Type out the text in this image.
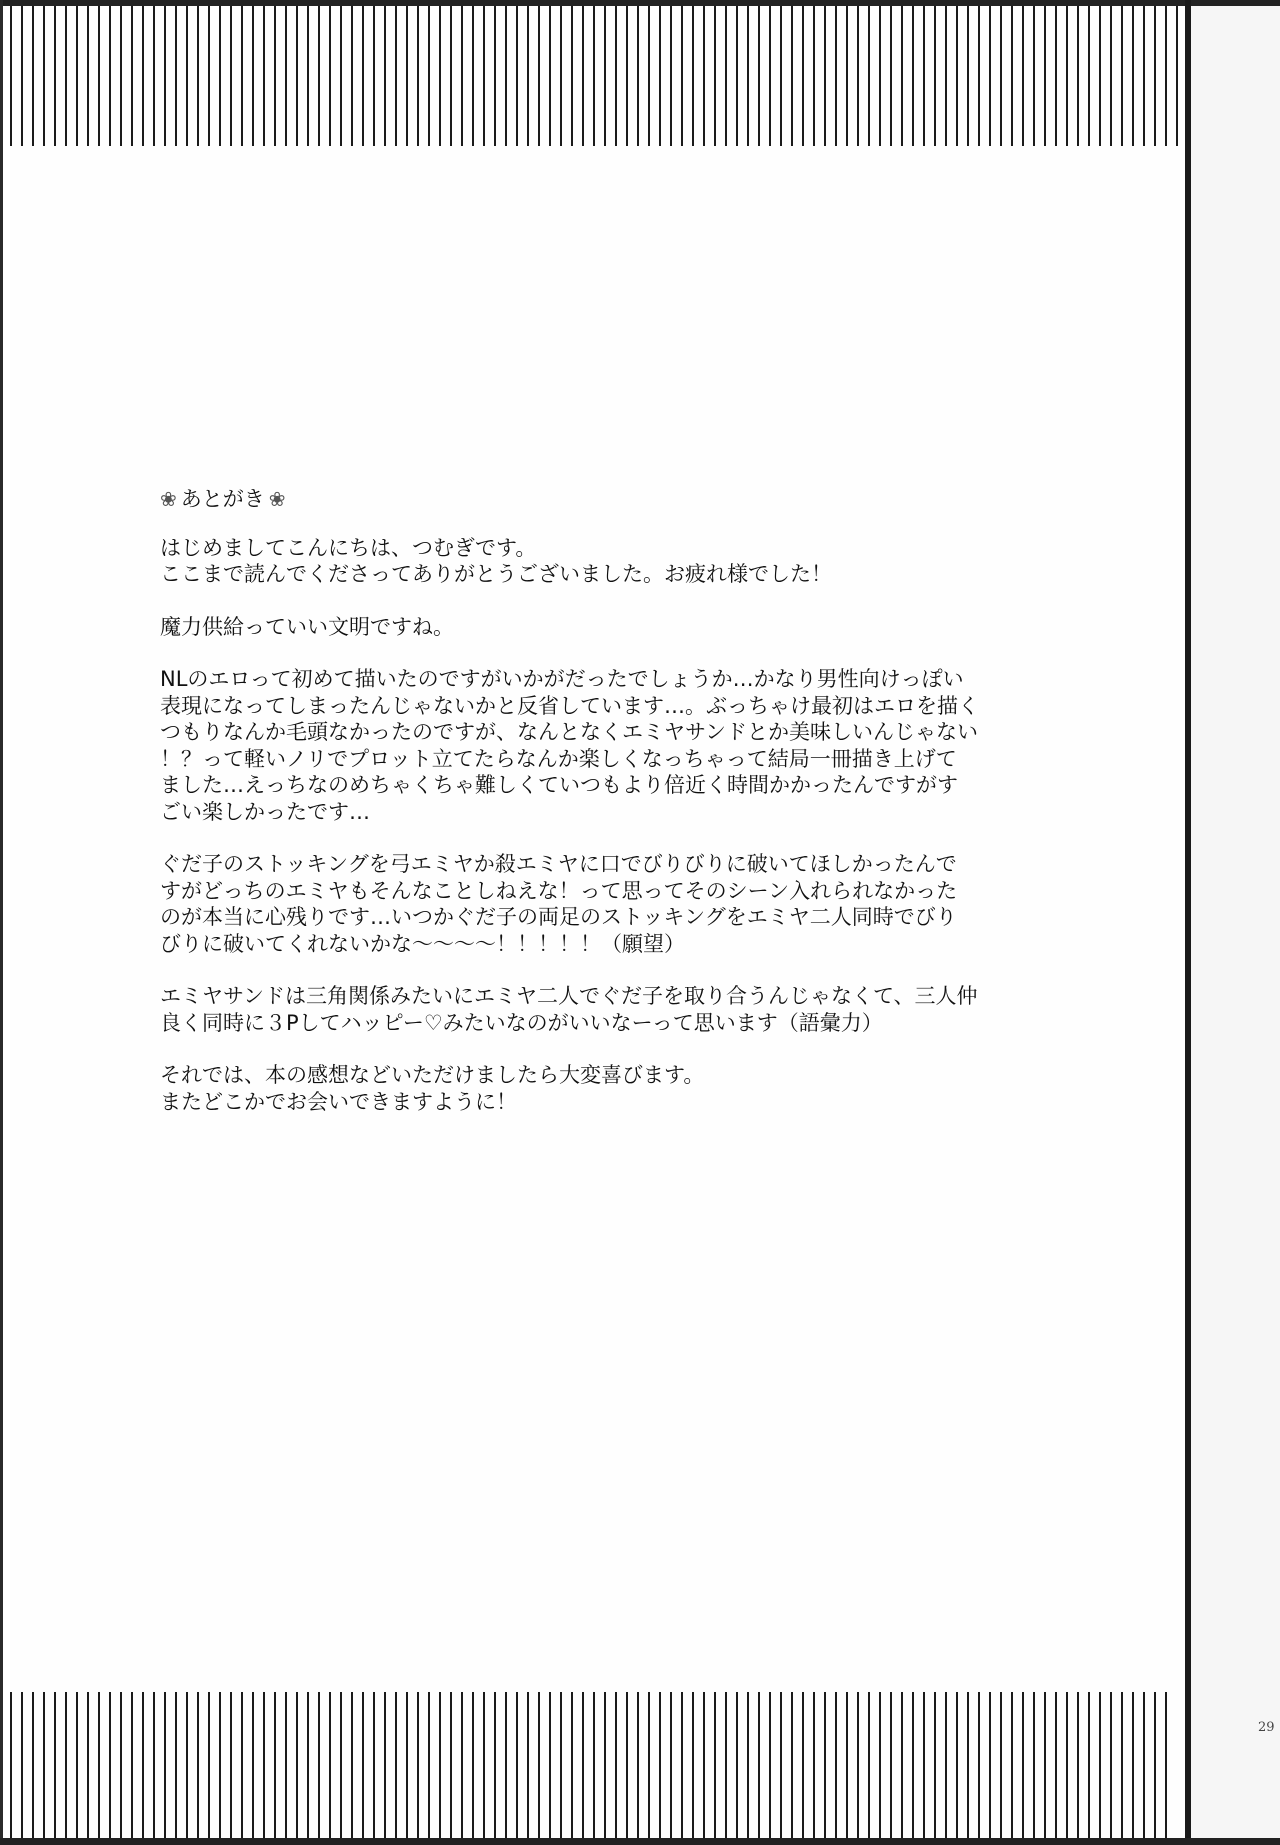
❀ あとがき ❀
はじめましてこんにちは、つむぎです。
ここまで読んでくださってありがとうございました。お疲れ様でした！
魔力供給っていい文明ですね。
NLのエロって初めて描いたのですがいかがだったでしょうか…かなり男性向けっぽい
表現になってしまったんじゃないかと反省しています…。ぶっちゃけ最初はエロを描く
つもりなんか毛頭なかったのですが、なんとなくエミヤサンドとか美味しいんじゃない
！？って軽いノリでプロット立てたらなんか楽しくなっちゃって結局一冊描き上げて
ました…えっちなのめちゃくちゃ難しくていつもより倍近く時間かかったんですがす
ごい楽しかったです…
ぐだ子のストッキングを弓エミヤか殺エミヤに口でびりびりに破いてほしかったんで
すがどっちのエミヤもそんなことしねえな！って思ってそのシーン入れられなかった
のが本当に心残りです…いつかぐだ子の両足のストッキングをエミヤ二人同時でびり
びりに破いてくれないかな〜〜〜〜！！！！！（願望）
エミヤサンドは三角関係みたいにエミヤ二人でぐだ子を取り合うんじゃなくて、三人仲
良く同時に３Pしてハッピー♡みたいなのがいいなーって思います（語彙力）
それでは、本の感想などいただけましたら大変喜びます。
またどこかでお会いできますように！
29
